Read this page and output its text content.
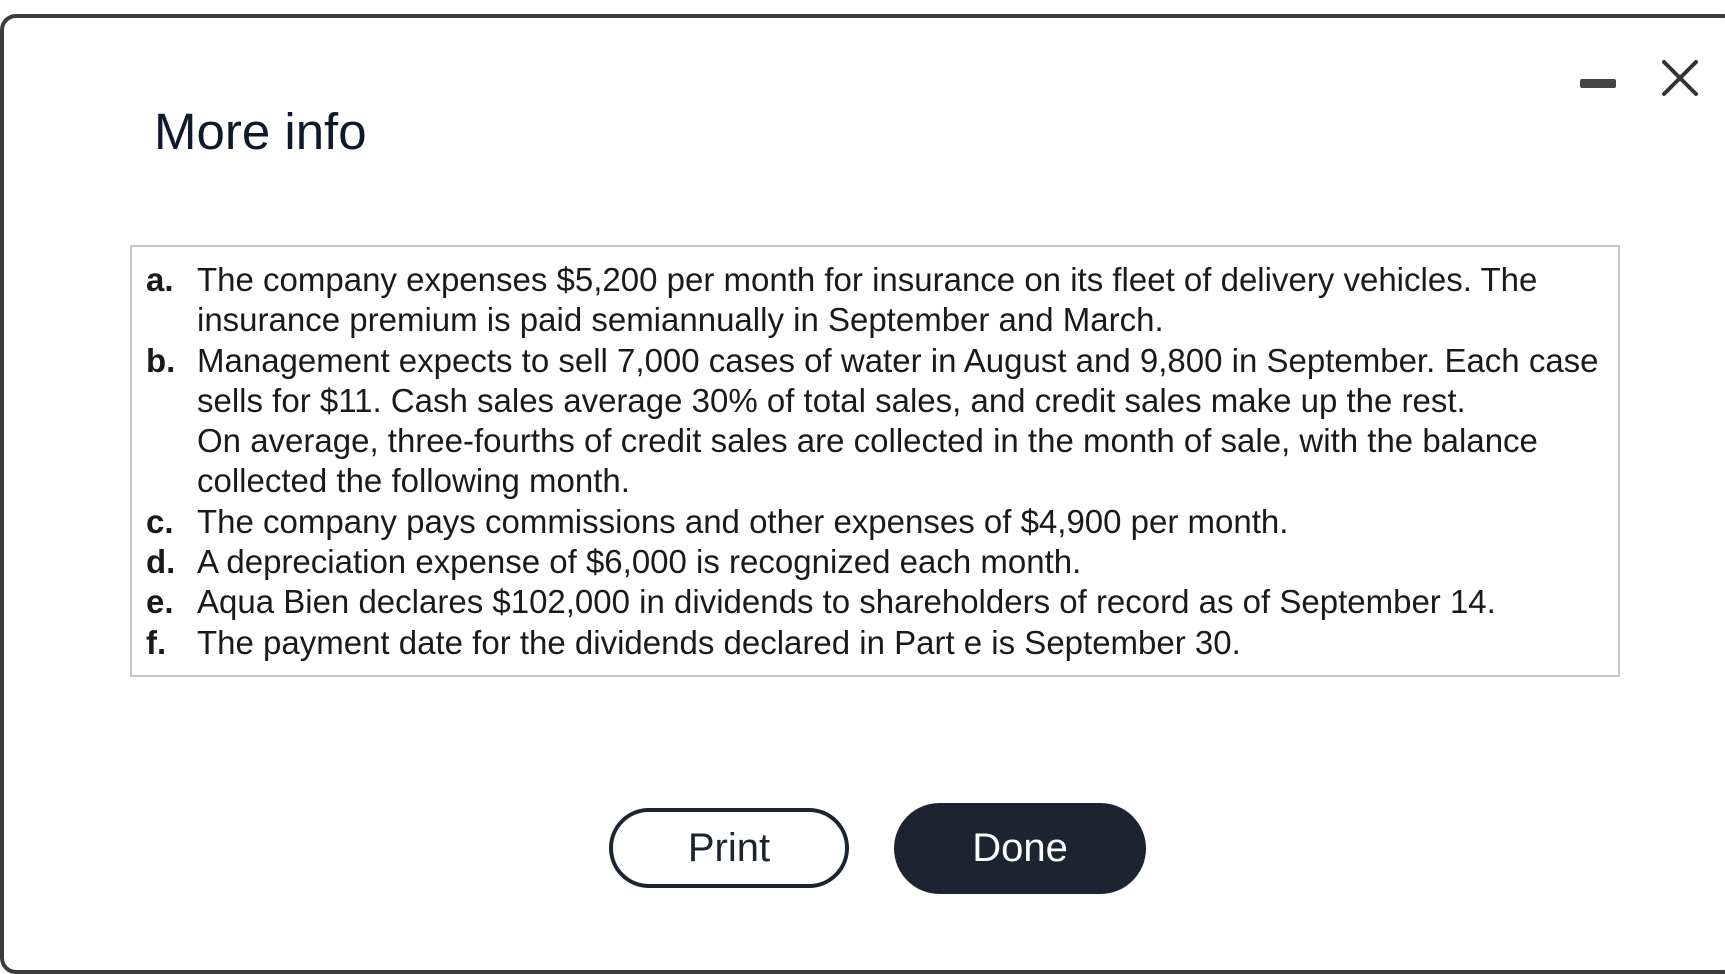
More info
a. The company expenses $5,200 per month for insurance on its fleet of delivery vehicles. The
insurance premium is paid semiannually in September and March.
b. Management expects to sell 7,000 cases of water in August and 9,800 in September. Each case
sells for $11. Cash sales average 30% of total sales, and credit sales make up the rest.
On average, three-fourths of credit sales are collected in the month of sale, with the balance
collected the following month.
c. The company pays commissions and other expenses of $4,900 per month.
d. A depreciation expense of $6,000 is recognized each month.
e. Aqua Bien declares $102,000 in dividends to shareholders of record as of September 14.
f. The payment date for the dividends declared in Part e is September 30.
Print	Done
